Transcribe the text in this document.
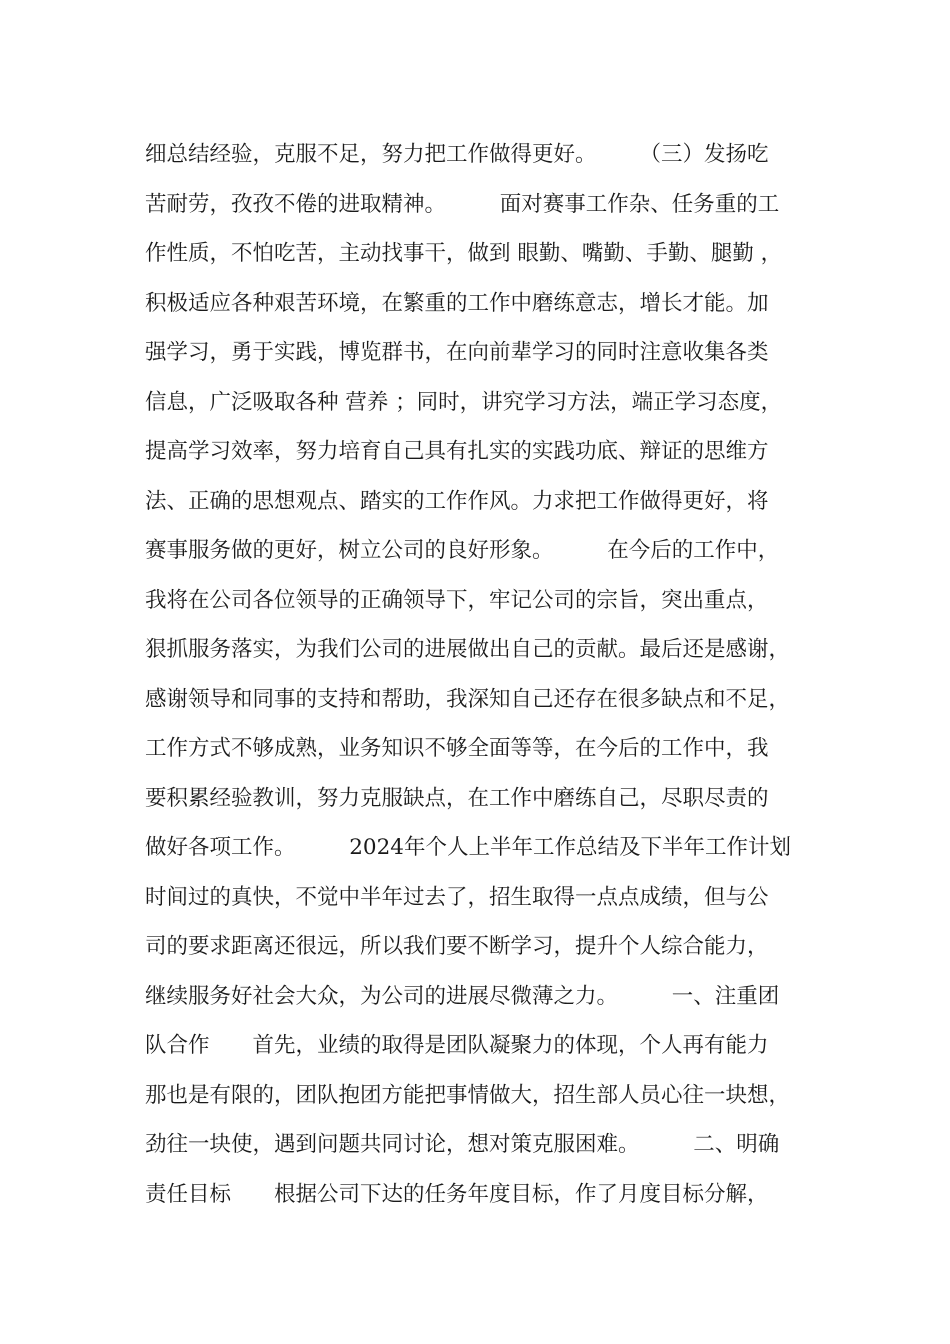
细总结经验，克服不足，努力把工作做得更好。　　　（三）发扬吃
苦耐劳，孜孜不倦的进取精神。　　　面对赛事工作杂、任务重的工
作性质，不怕吃苦，主动找事干，做到 眼勤、嘴勤、手勤、腿勤 ，
积极适应各种艰苦环境，在繁重的工作中磨练意志，增长才能。加
强学习，勇于实践，博览群书，在向前辈学习的同时注意收集各类
信息，广泛吸取各种 营养 ；同时，讲究学习方法，端正学习态度，
提高学习效率，努力培育自己具有扎实的实践功底、辩证的思维方
法、正确的思想观点、踏实的工作作风。力求把工作做得更好，将
赛事服务做的更好，树立公司的良好形象。　　　在今后的工作中，
我将在公司各位领导的正确领导下，牢记公司的宗旨，突出重点，
狠抓服务落实，为我们公司的进展做出自己的贡献。最后还是感谢，
感谢领导和同事的支持和帮助，我深知自己还存在很多缺点和不足，
工作方式不够成熟，业务知识不够全面等等，在今后的工作中，我
要积累经验教训，努力克服缺点，在工作中磨练自己，尽职尽责的
做好各项工作。　　　2024年个人上半年工作总结及下半年工作计划
时间过的真快，不觉中半年过去了，招生取得一点点成绩，但与公
司的要求距离还很远，所以我们要不断学习，提升个人综合能力，
继续服务好社会大众，为公司的进展尽微薄之力。　　　一、注重团
队合作　　首先，业绩的取得是团队凝聚力的体现，个人再有能力
那也是有限的，团队抱团方能把事情做大，招生部人员心往一块想，
劲往一块使，遇到问题共同讨论，想对策克服困难。　　　二、明确
责任目标　　根据公司下达的任务年度目标，作了月度目标分解，
